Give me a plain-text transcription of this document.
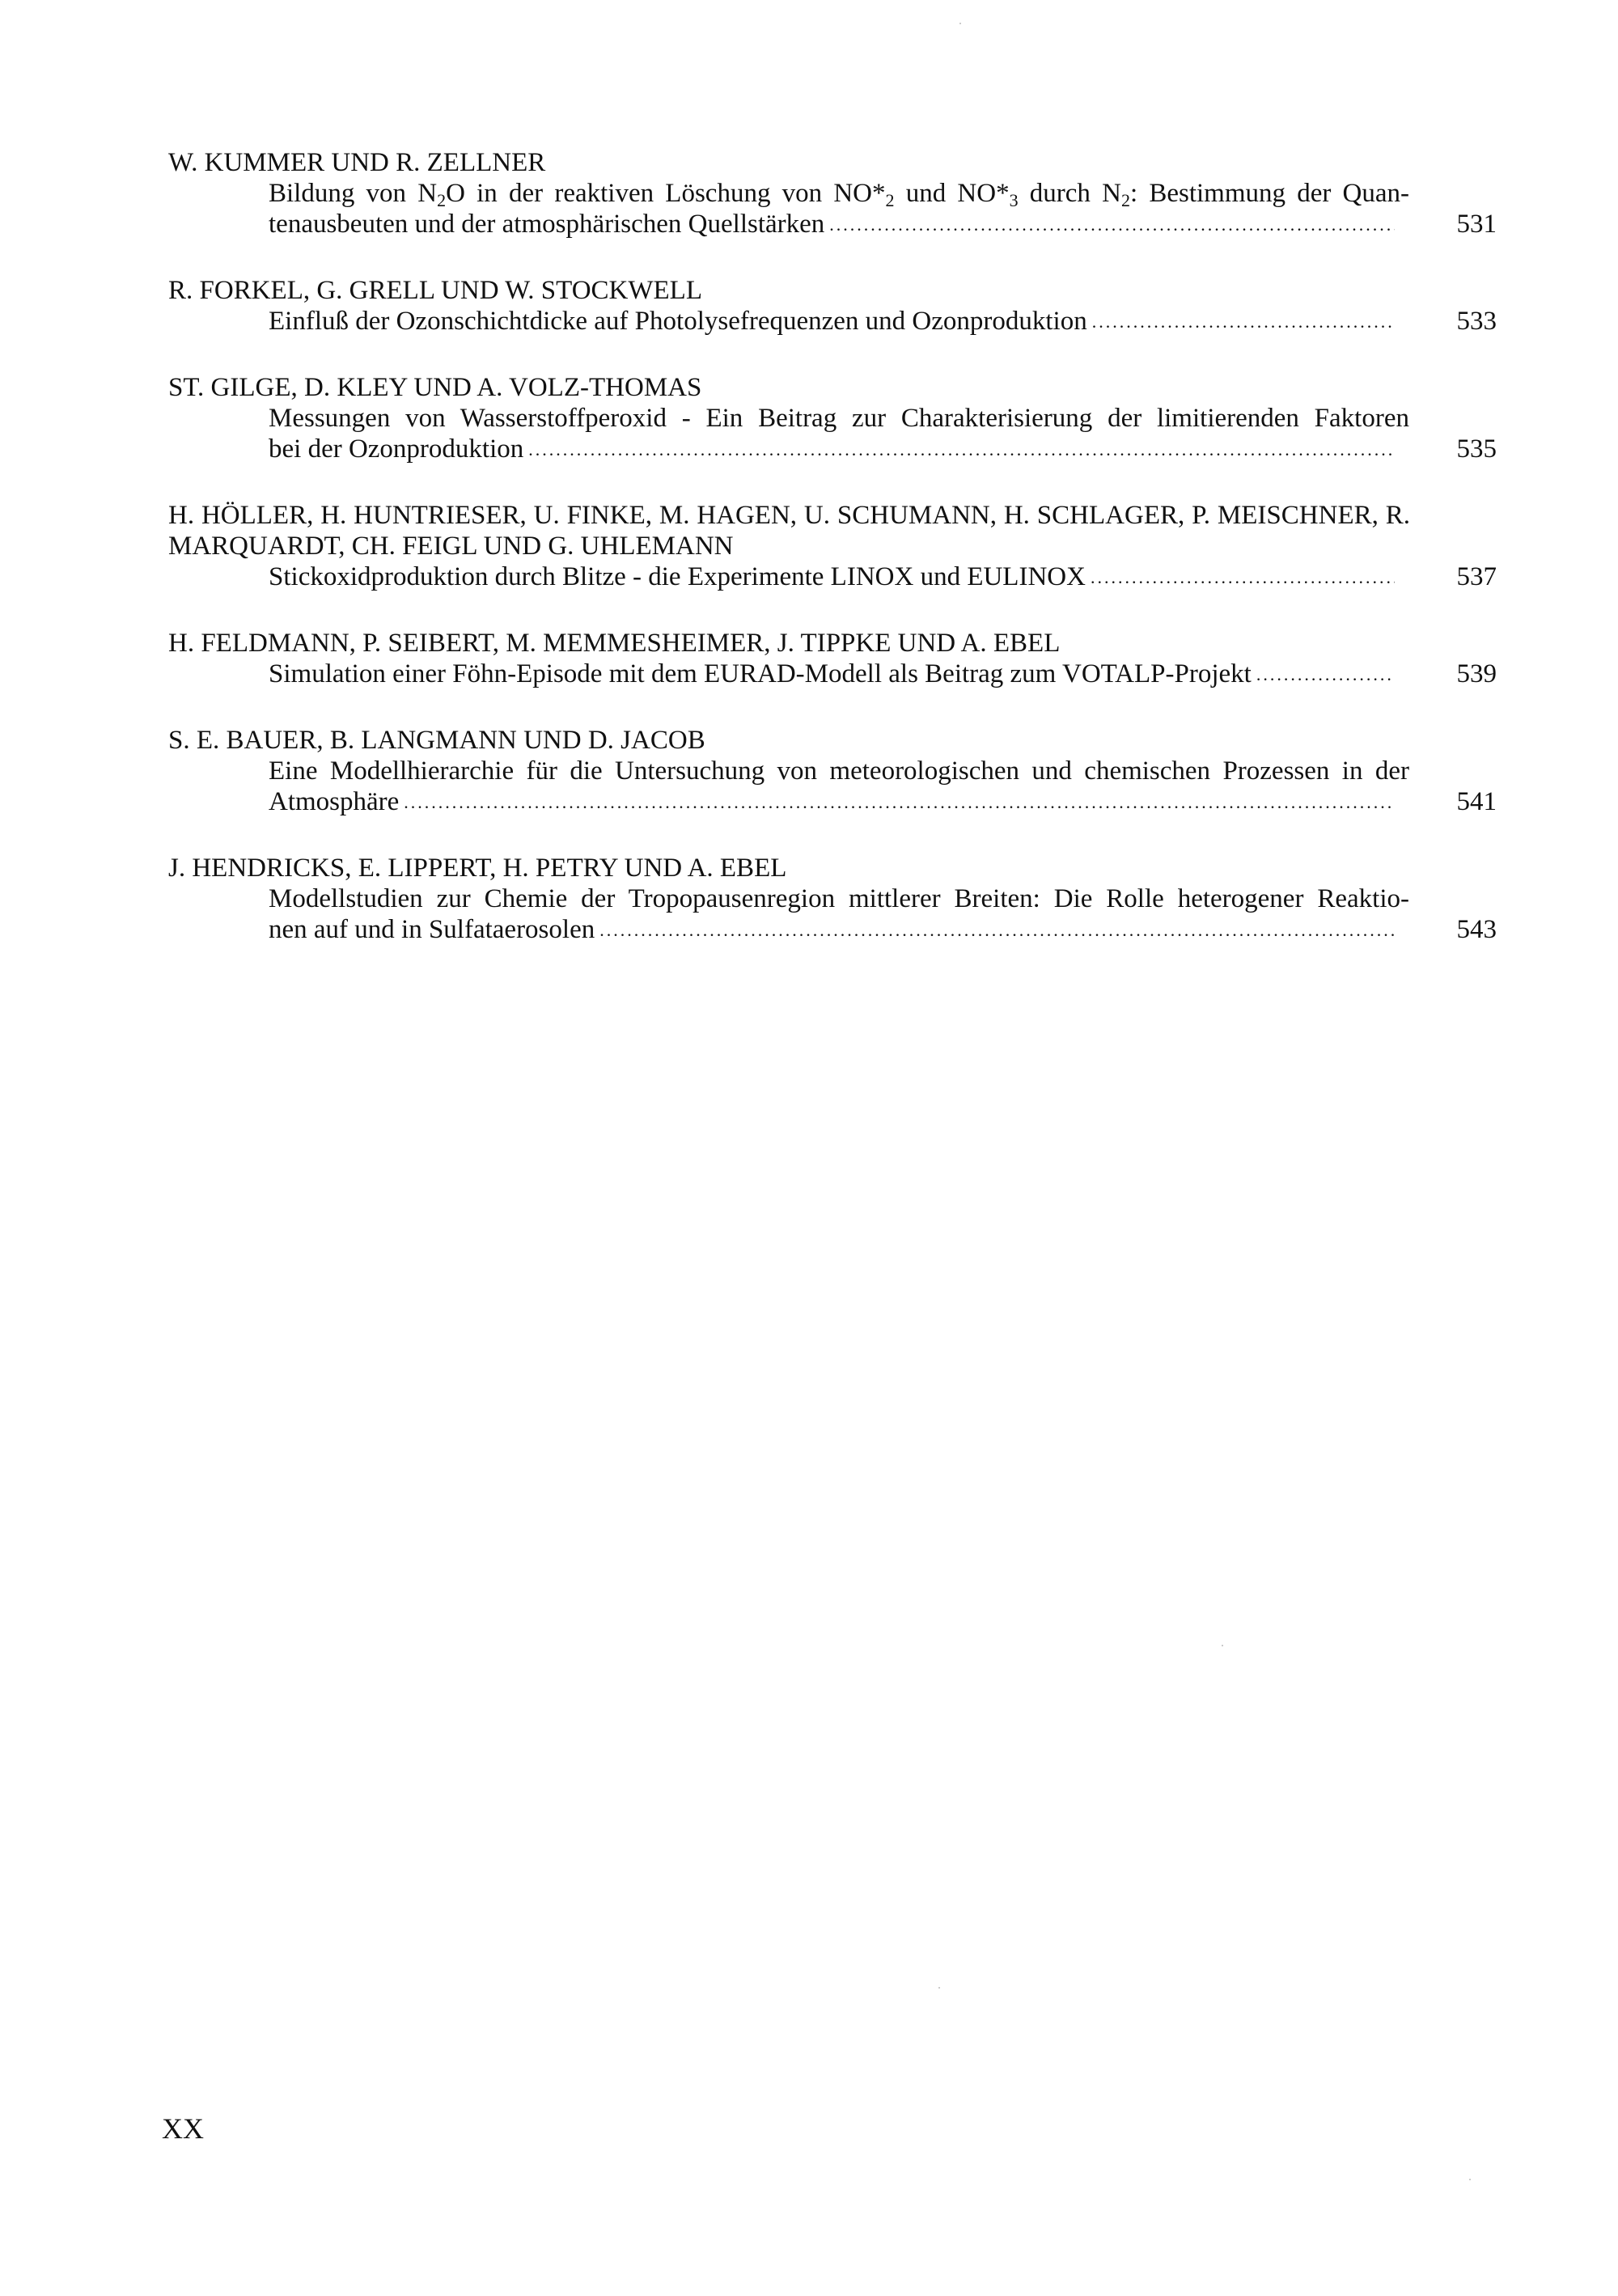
W. KUMMER UND R. ZELLNER
Bildung von $N_2O$ in der reaktiven Löschung von $NO*_2$ und $NO*_3$ durch $N_2$: Bestimmung der Quan-
tenausbeuten und der atmosphärischen Quellstärken .....	531
R. FORKEL, G. GRELL UND W. STOCKWELL
Einfluß der Ozonschichtdicke auf Photolysefrequenzen und Ozonproduktion .....	533
ST. GILGE, D. KLEY UND A. VOLZ-THOMAS
Messungen von Wasserstoffperoxid - Ein Beitrag zur Charakterisierung der limitierenden Faktoren
bei der Ozonproduktion .....	535
H. HÖLLER, H. HUNTRIESER, U. FINKE, M. HAGEN, U. SCHUMANN, H. SCHLAGER, P. MEISCHNER, R. MARQUARDT, CH. FEIGL UND G. UHLEMANN
Stickoxidproduktion durch Blitze - die Experimente LINOX und EULINOX .....	537
H. FELDMANN, P. SEIBERT, M. MEMMESHEIMER, J. TIPPKE UND A. EBEL
Simulation einer Föhn-Episode mit dem EURAD-Modell als Beitrag zum VOTALP-Projekt .....	539
S. E. BAUER, B. LANGMANN UND D. JACOB
Eine Modellhierarchie für die Untersuchung von meteorologischen und chemischen Prozessen in der
Atmosphäre .....	541
J. HENDRICKS, E. LIPPERT, H. PETRY UND A. EBEL
Modellstudien zur Chemie der Tropopausenregion mittlerer Breiten: Die Rolle heterogener Reaktio-
nen auf und in Sulfataerosolen .....	543
XX
